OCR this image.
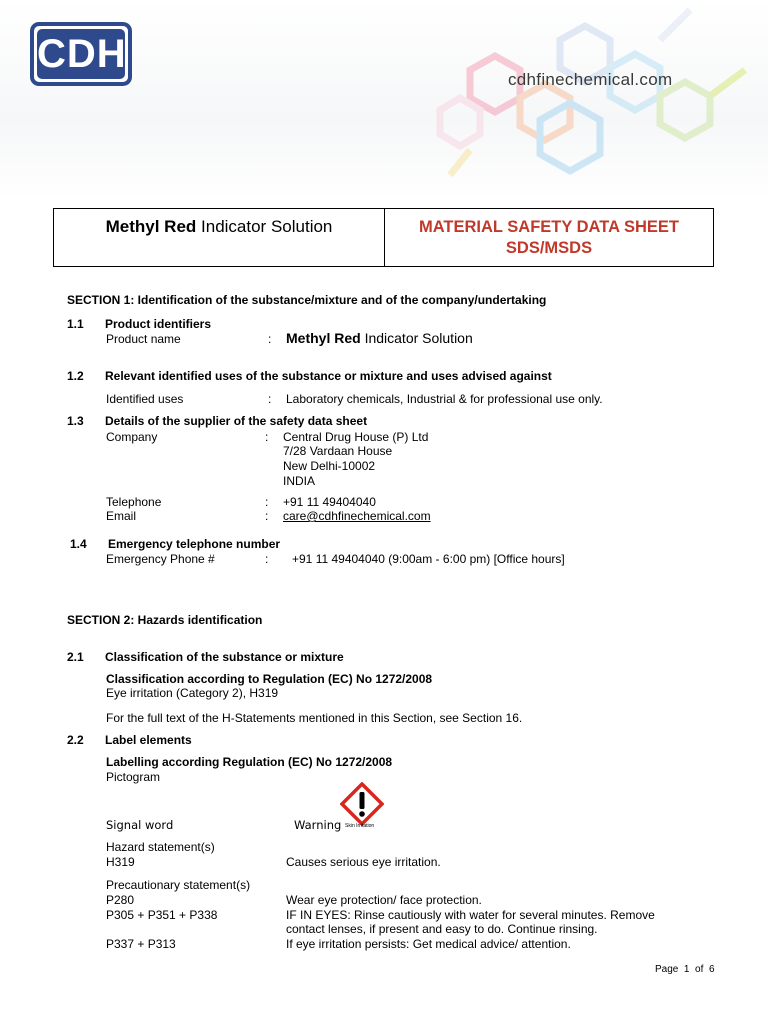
CDH
cdhfinechemical.com
Methyl Red Indicator Solution	MATERIAL SAFETY DATA SHEET
SDS/MSDS
SECTION 1: Identification of the substance/mixture and of the company/undertaking
1.1 Product identifiers
Product name	: Methyl Red Indicator Solution
1.2 Relevant identified uses of the substance or mixture and uses advised against
Identified uses	: Laboratory chemicals, Industrial & for professional use only.
1.3 Details of the supplier of the safety data sheet
Company	: Central Drug House (P) Ltd
7/28 Vardaan House
New Delhi-10002
INDIA
Telephone	: +91 11 49404040
Email	: care@cdhfinechemical.com
1.4 Emergency telephone number
Emergency Phone #	: +91 11 49404040 (9:00am - 6:00 pm) [Office hours]
SECTION 2: Hazards identification
2.1 Classification of the substance or mixture
Classification according to Regulation (EC) No 1272/2008
Eye irritation (Category 2), H319
For the full text of the H-Statements mentioned in this Section, see Section 16.
2.2 Label elements
Labelling according Regulation (EC) No 1272/2008
Pictogram
Signal word	Warning Skin Irritation
Hazard statement(s)
H319	Causes serious eye irritation.
Precautionary statement(s)
P280	Wear eye protection/ face protection.
P305 + P351 + P338	IF IN EYES: Rinse cautiously with water for several minutes. Remove
contact lenses, if present and easy to do. Continue rinsing.
P337 + P313	If eye irritation persists: Get medical advice/ attention.
Page 1 of 6
